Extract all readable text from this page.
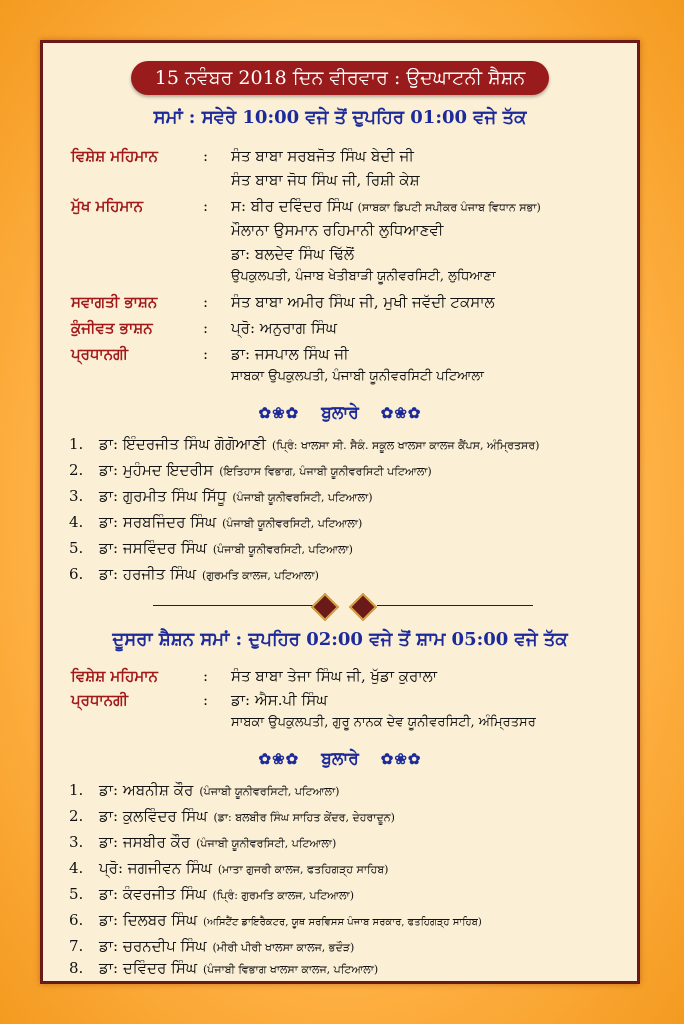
15 ਨਵੰਬਰ 2018 ਦਿਨ ਵੀਰਵਾਰ : ਉਦਘਾਟਨੀ ਸ਼ੈਸ਼ਨ
ਸਮਾਂ : ਸਵੇਰੇ 10:00 ਵਜੇ ਤੋਂ ਦੁਪਹਿਰ 01:00 ਵਜੇ ਤੱਕ
ਵਿਸ਼ੇਸ਼ ਮਹਿਮਾਨ	: ਸੰਤ ਬਾਬਾ ਸਰਬਜੋਤ ਸਿੰਘ ਬੇਦੀ ਜੀ
ਸੰਤ ਬਾਬਾ ਜੋਧ ਸਿੰਘ ਜੀ, ਰਿਸ਼ੀ ਕੇਸ਼
ਮੁੱਖ ਮਹਿਮਾਨ	: ਸ: ਬੀਰ ਦਵਿੰਦਰ ਸਿੰਘ (ਸਾਬਕਾ ਡਿਪਟੀ ਸਪੀਕਰ ਪੰਜਾਬ ਵਿਧਾਨ ਸਭਾ)
ਮੌਲਾਨਾ ਉਸਮਾਨ ਰਹਿਮਾਨੀ ਲੁਧਿਆਣਵੀ
ਡਾ: ਬਲਦੇਵ ਸਿੰਘ ਢਿੱਲੋਂ
ਉਪਕੁਲਪਤੀ, ਪੰਜਾਬ ਖੇਤੀਬਾੜੀ ਯੂਨੀਵਰਸਿਟੀ, ਲੁਧਿਆਣਾ
ਸਵਾਗਤੀ ਭਾਸ਼ਨ	: ਸੰਤ ਬਾਬਾ ਅਮੀਰ ਸਿੰਘ ਜੀ, ਮੁਖੀ ਜਵੱਦੀ ਟਕਸਾਲ
ਕੁੰਜੀਵਤ ਭਾਸ਼ਨ	: ਪ੍ਰੋ: ਅਨੁਰਾਗ ਸਿੰਘ
ਪ੍ਰਧਾਨਗੀ	: ਡਾ: ਜਸਪਾਲ ਸਿੰਘ ਜੀ
ਸਾਬਕਾ ਉਪਕੁਲਪਤੀ, ਪੰਜਾਬੀ ਯੂਨੀਵਰਸਿਟੀ ਪਟਿਆਲਾ
✿❀✿ ਬੁਲਾਰੇ ✿❀✿
1. ਡਾ: ਇੰਦਰਜੀਤ ਸਿੰਘ ਗੋਗੋਆਣੀ (ਪ੍ਰਿੰ: ਖਾਲਸਾ ਸੀ. ਸੈਕੰ. ਸਕੂਲ ਖਾਲਸਾ ਕਾਲਜ ਕੈਂਪਸ, ਅੰਮ੍ਰਿਤਸਰ)
2. ਡਾ: ਮੁਹੰਮਦ ਇਦਰੀਸ (ਇਤਿਹਾਸ ਵਿਭਾਗ, ਪੰਜਾਬੀ ਯੂਨੀਵਰਸਿਟੀ ਪਟਿਆਲਾ)
3. ਡਾ: ਗੁਰਮੀਤ ਸਿੰਘ ਸਿੱਧੂ (ਪੰਜਾਬੀ ਯੂਨੀਵਰਸਿਟੀ, ਪਟਿਆਲਾ)
4. ਡਾ: ਸਰਬਜਿੰਦਰ ਸਿੰਘ (ਪੰਜਾਬੀ ਯੂਨੀਵਰਸਿਟੀ, ਪਟਿਆਲਾ)
5. ਡਾ: ਜਸਵਿੰਦਰ ਸਿੰਘ (ਪੰਜਾਬੀ ਯੂਨੀਵਰਸਿਟੀ, ਪਟਿਆਲਾ)
6. ਡਾ: ਹਰਜੀਤ ਸਿੰਘ (ਗੁਰਮਤਿ ਕਾਲਜ, ਪਟਿਆਲਾ)
ਦੂਸਰਾ ਸ਼ੈਸ਼ਨ ਸਮਾਂ : ਦੁਪਹਿਰ 02:00 ਵਜੇ ਤੋਂ ਸ਼ਾਮ 05:00 ਵਜੇ ਤੱਕ
ਵਿਸ਼ੇਸ਼ ਮਹਿਮਾਨ	: ਸੰਤ ਬਾਬਾ ਤੇਜਾ ਸਿੰਘ ਜੀ, ਖੁੱਡਾ ਕੁਰਾਲਾ
ਪ੍ਰਧਾਨਗੀ	: ਡਾ: ਐਸ.ਪੀ ਸਿੰਘ
ਸਾਬਕਾ ਉਪਕੁਲਪਤੀ, ਗੁਰੂ ਨਾਨਕ ਦੇਵ ਯੂਨੀਵਰਸਿਟੀ, ਅੰਮ੍ਰਿਤਸਰ
✿❀✿ ਬੁਲਾਰੇ ✿❀✿
1. ਡਾ: ਅਬਨੀਸ਼ ਕੌਰ (ਪੰਜਾਬੀ ਯੂਨੀਵਰਸਿਟੀ, ਪਟਿਆਲਾ)
2. ਡਾ: ਕੁਲਵਿੰਦਰ ਸਿੰਘ (ਡਾ: ਬਲਬੀਰ ਸਿੰਘ ਸਾਹਿਤ ਕੇਂਦਰ, ਦੇਹਰਾਦੂਨ)
3. ਡਾ: ਜਸਬੀਰ ਕੌਰ (ਪੰਜਾਬੀ ਯੂਨੀਵਰਸਿਟੀ, ਪਟਿਆਲਾ)
4. ਪ੍ਰੋ: ਜਗਜੀਵਨ ਸਿੰਘ (ਮਾਤਾ ਗੁਜਰੀ ਕਾਲਜ, ਫਤਹਿਗੜ੍ਹ ਸਾਹਿਬ)
5. ਡਾ: ਕੰਵਰਜੀਤ ਸਿੰਘ (ਪ੍ਰਿੰ: ਗੁਰਮਤਿ ਕਾਲਜ, ਪਟਿਆਲਾ)
6. ਡਾ: ਦਿਲਬਰ ਸਿੰਘ (ਅਸਿਟੈਂਟ ਡਾਇਰੈਕਟਰ, ਯੂਥ ਸਰਵਿਸਸ ਪੰਜਾਬ ਸਰਕਾਰ, ਫਤਹਿਗੜ੍ਹ ਸਾਹਿਬ)
7. ਡਾ: ਚਰਨਦੀਪ ਸਿੰਘ (ਮੀਰੀ ਪੀਰੀ ਖਾਲਸਾ ਕਾਲਜ, ਭਦੌੜ)
8. ਡਾ: ਦਵਿੰਦਰ ਸਿੰਘ (ਪੰਜਾਬੀ ਵਿਭਾਗ ਖਾਲਸਾ ਕਾਲਜ, ਪਟਿਆਲਾ)
